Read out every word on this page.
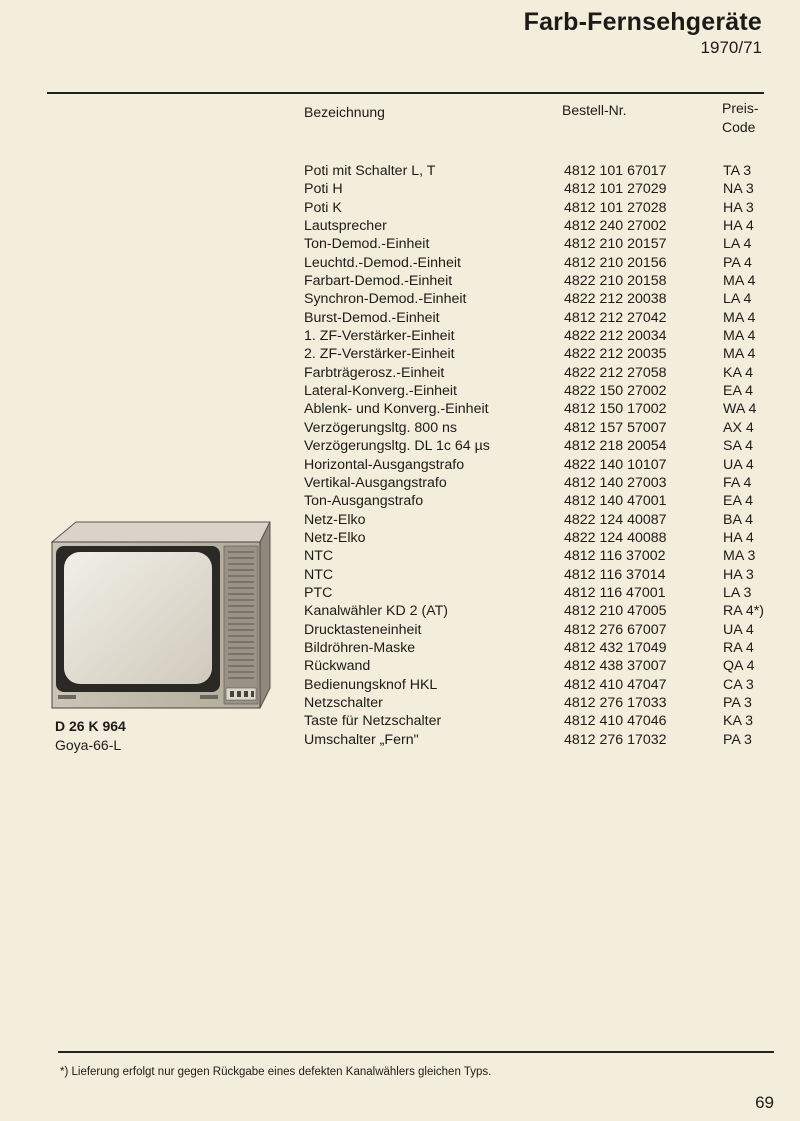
Farb-Fernsehgeräte
1970/71
Bezeichnung	Bestell-Nr.	Preis-
Code
Poti mit Schalter L, T	4812 101 67017	TA 3
Poti H	4812 101 27029	NA 3
Poti K	4812 101 27028	HA 3
Lautsprecher	4812 240 27002	HA 4
Ton-Demod.-Einheit	4812 210 20157	LA 4
Leuchtd.-Demod.-Einheit	4812 210 20156	PA 4
Farbart-Demod.-Einheit	4822 210 20158	MA 4
Synchron-Demod.-Einheit	4822 212 20038	LA 4
Burst-Demod.-Einheit	4812 212 27042	MA 4
1. ZF-Verstärker-Einheit	4822 212 20034	MA 4
2. ZF-Verstärker-Einheit	4822 212 20035	MA 4
Farbträgerosz.-Einheit	4822 212 27058	KA 4
Lateral-Konverg.-Einheit	4822 150 27002	EA 4
Ablenk- und Konverg.-Einheit	4812 150 17002	WA 4
Verzögerungsltg. 800 ns	4812 157 57007	AX 4
Verzögerungsltg. DL 1c 64 µs	4812 218 20054	SA 4
Horizontal-Ausgangstrafo	4822 140 10107	UA 4
Vertikal-Ausgangstrafo	4812 140 27003	FA 4
Ton-Ausgangstrafo	4812 140 47001	EA 4
Netz-Elko	4822 124 40087	BA 4
Netz-Elko	4822 124 40088	HA 4
NTC	4812 116 37002	MA 3
NTC	4812 116 37014	HA 3
PTC	4812 116 47001	LA 3
Kanalwähler KD 2 (AT)	4812 210 47005	RA 4*)
Drucktasteneinheit	4812 276 67007	UA 4
Bildröhren-Maske	4812 432 17049	RA 4
Rückwand	4812 438 37007	QA 4
Bedienungsknof HKL	4812 410 47047	CA 3
Netzschalter	4812 276 17033	PA 3
Taste für Netzschalter	4812 410 47046	KA 3
Umschalter „Fern"	4812 276 17032	PA 3
D 26 K 964
Goya-66-L
*) Lieferung erfolgt nur gegen Rückgabe eines defekten Kanalwählers gleichen Typs.
69
